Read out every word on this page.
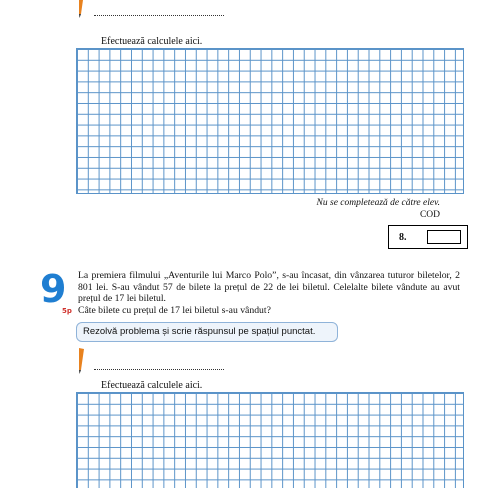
Efectuează calculele aici.
Nu se completează de către elev.
COD
8.
9
5p

La premiera filmului „Aventurile lui Marco Polo”, s-au încasat, din vânzarea tuturor biletelor, 2 801 lei. S-au vândut 57 de bilete la prețul de 22 de lei biletul. Celelalte bilete vândute au avut prețul de 17 lei biletul.

Câte bilete cu prețul de 17 lei biletul s-au vândut?

Rezolvă problema și scrie răspunsul pe spațiul punctat.
Efectuează calculele aici.
